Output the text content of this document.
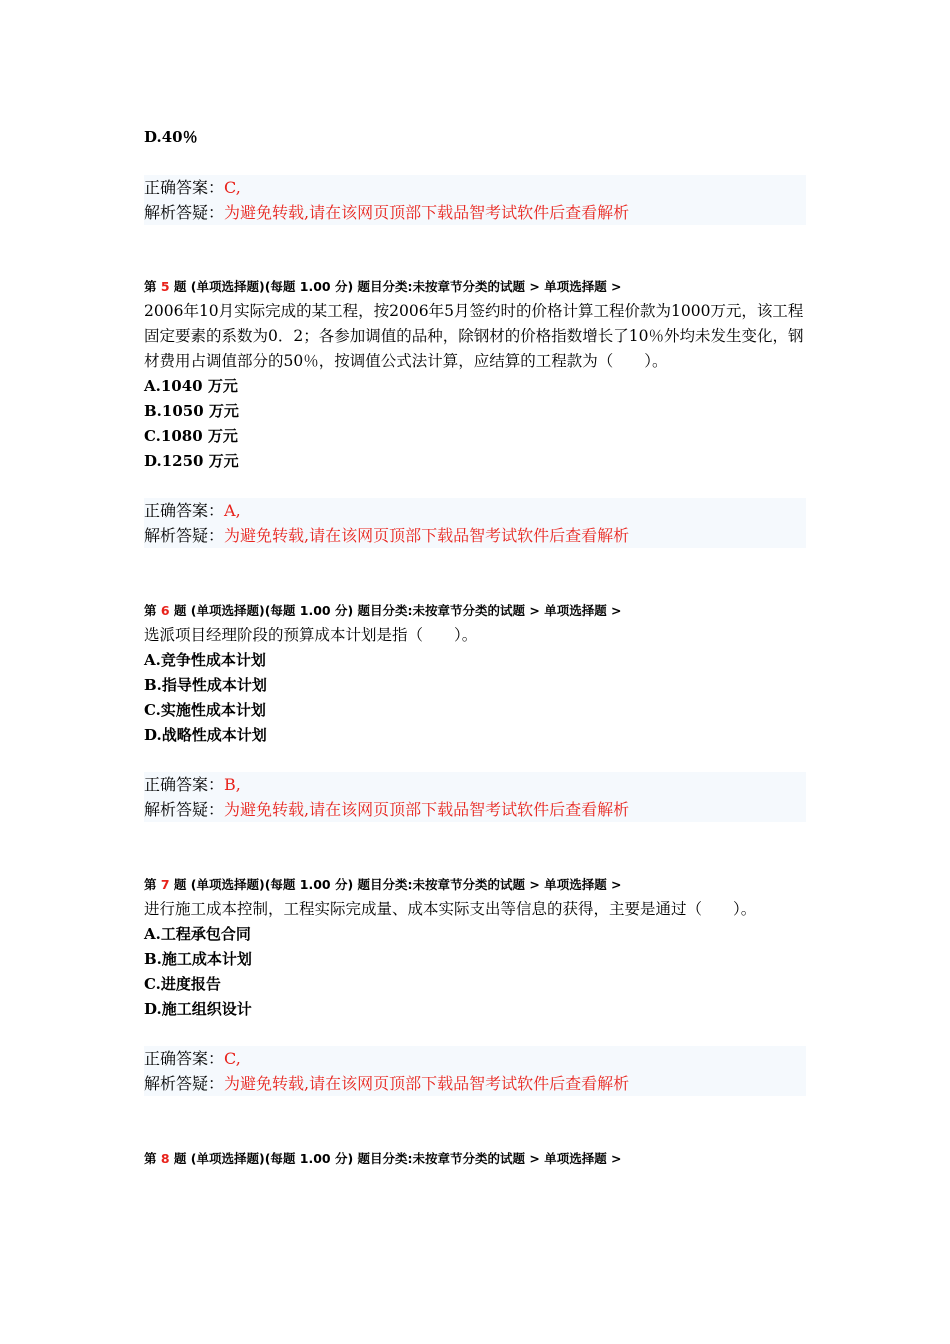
D.40％
正确答案：C,
解析答疑：为避免转载,请在该网页顶部下载品智考试软件后查看解析
第 5 题 (单项选择题)(每题 1.00 分) 题目分类:未按章节分类的试题 > 单项选择题 >
2006年10月实际完成的某工程，按2006年5月签约时的价格计算工程价款为1000万元，该工程固定要素的系数为0．2；各参加调值的品种，除钢材的价格指数增长了10％外均未发生变化，钢材费用占调值部分的50％，按调值公式法计算，应结算的工程款为（　　）。
A.1040 万元
B.1050 万元
C.1080 万元
D.1250 万元
正确答案：A,
解析答疑：为避免转载,请在该网页顶部下载品智考试软件后查看解析
第 6 题 (单项选择题)(每题 1.00 分) 题目分类:未按章节分类的试题 > 单项选择题 >
选派项目经理阶段的预算成本计划是指（　　）。
A.竞争性成本计划
B.指导性成本计划
C.实施性成本计划
D.战略性成本计划
正确答案：B,
解析答疑：为避免转载,请在该网页顶部下载品智考试软件后查看解析
第 7 题 (单项选择题)(每题 1.00 分) 题目分类:未按章节分类的试题 > 单项选择题 >
进行施工成本控制，工程实际完成量、成本实际支出等信息的获得，主要是通过（　　）。
A.工程承包合同
B.施工成本计划
C.进度报告
D.施工组织设计
正确答案：C,
解析答疑：为避免转载,请在该网页顶部下载品智考试软件后查看解析
第 8 题 (单项选择题)(每题 1.00 分) 题目分类:未按章节分类的试题 > 单项选择题 >
